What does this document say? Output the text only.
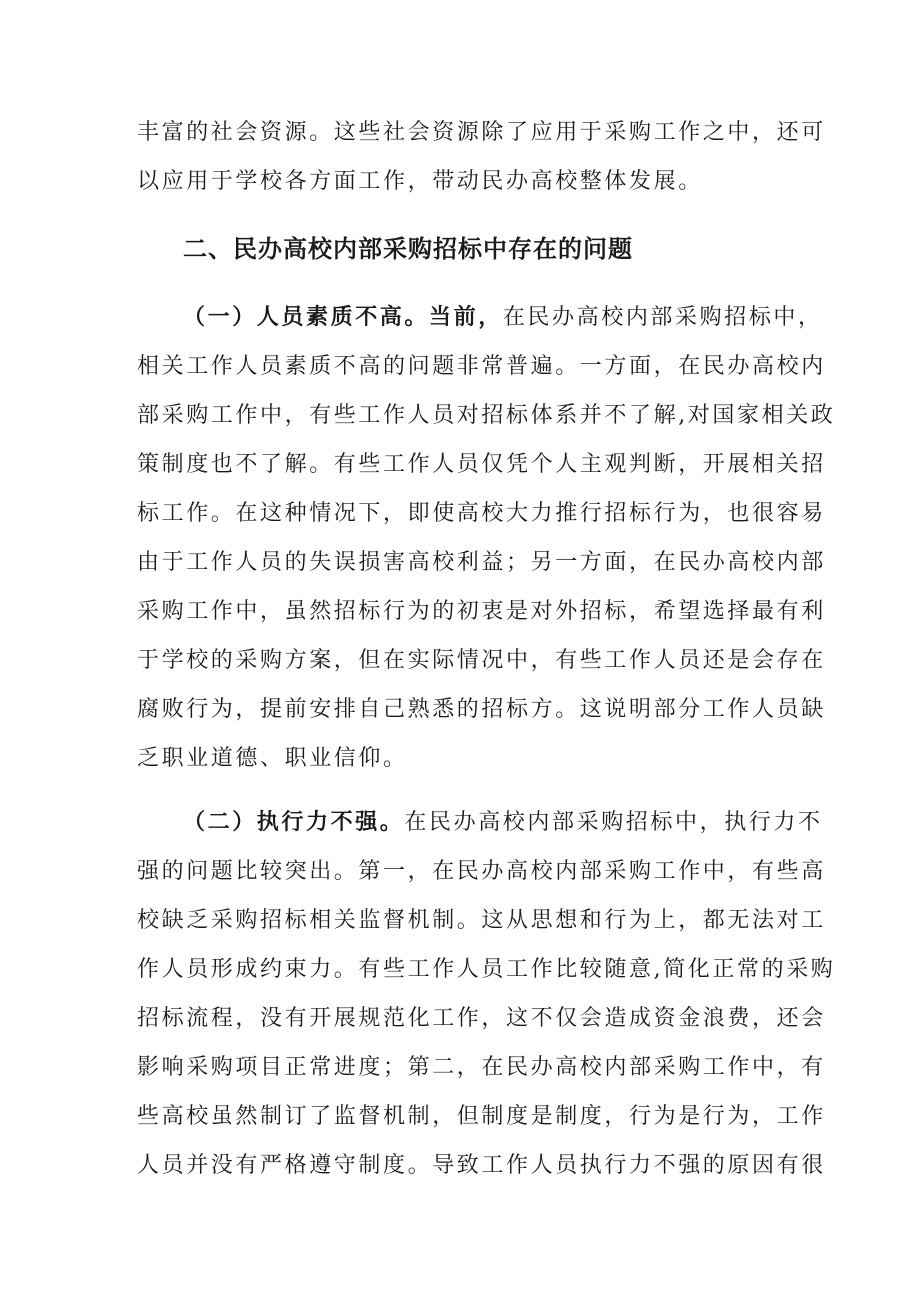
丰富的社会资源。这些社会资源除了应用于采购工作之中，还可
以应用于学校各方面工作，带动民办高校整体发展。
二、民办高校内部采购招标中存在的问题
（一）人员素质不高。当前，在民办高校内部采购招标中，
相关工作人员素质不高的问题非常普遍。一方面，在民办高校内
部采购工作中，有些工作人员对招标体系并不了解,对国家相关政
策制度也不了解。有些工作人员仅凭个人主观判断，开展相关招
标工作。在这种情况下，即使高校大力推行招标行为，也很容易
由于工作人员的失误损害高校利益；另一方面，在民办高校内部
采购工作中，虽然招标行为的初衷是对外招标，希望选择最有利
于学校的采购方案，但在实际情况中，有些工作人员还是会存在
腐败行为，提前安排自己熟悉的招标方。这说明部分工作人员缺
乏职业道德、职业信仰。
（二）执行力不强。在民办高校内部采购招标中，执行力不
强的问题比较突出。第一，在民办高校内部采购工作中，有些高
校缺乏采购招标相关监督机制。这从思想和行为上，都无法对工
作人员形成约束力。有些工作人员工作比较随意,简化正常的采购
招标流程，没有开展规范化工作，这不仅会造成资金浪费，还会
影响采购项目正常进度；第二，在民办高校内部采购工作中，有
些高校虽然制订了监督机制，但制度是制度，行为是行为，工作
人员并没有严格遵守制度。导致工作人员执行力不强的原因有很
